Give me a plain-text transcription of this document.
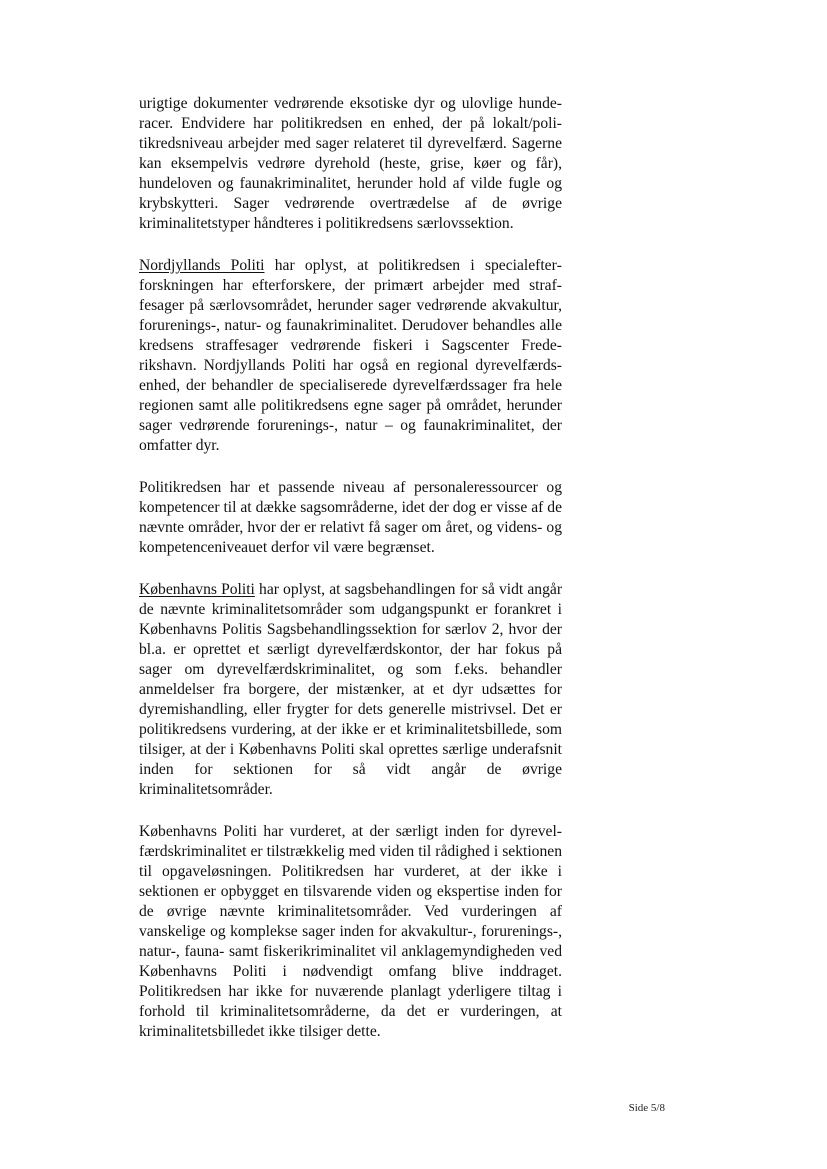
urigtige dokumenter vedrørende eksotiske dyr og ulovlige hunderacer. Endvidere har politikredsen en enhed, der på lokalt/politikredsniveau arbejder med sager relateret til dyrevelfærd. Sagerne kan eksempelvis vedrøre dyrehold (heste, grise, køer og får), hundeloven og faunakriminalitet, herunder hold af vilde fugle og krybskytteri. Sager vedrørende overtrædelse af de øvrige kriminalitetstyper håndteres i politikredsens særlovssektion.

Nordjyllands Politi har oplyst, at politikredsen i specialefterforskningen har efterforskere, der primært arbejder med straffesager på særlovsområdet, herunder sager vedrørende akvakultur, forurenings-, natur- og faunakriminalitet. Derudover behandles alle kredsens straffesager vedrørende fiskeri i Sagscenter Frederikshavn. Nordjyllands Politi har også en regional dyrevelfærdsenhed, der behandler de specialiserede dyrevelfærdssager fra hele regionen samt alle politikredsens egne sager på området, herunder sager vedrørende forurenings-, natur – og faunakriminalitet, der omfatter dyr.

Politikredsen har et passende niveau af personaleressourcer og kompetencer til at dække sagsområderne, idet der dog er visse af de nævnte områder, hvor der er relativt få sager om året, og videns- og kompetenceniveauet derfor vil være begrænset.

Københavns Politi har oplyst, at sagsbehandlingen for så vidt angår de nævnte kriminalitetsområder som udgangspunkt er forankret i Københavns Politis Sagsbehandlingssektion for særlov 2, hvor der bl.a. er oprettet et særligt dyrevelfærdskontor, der har fokus på sager om dyrevelfærdskriminalitet, og som f.eks. behandler anmeldelser fra borgere, der mistænker, at et dyr udsættes for dyremishandling, eller frygter for dets generelle mistrivsel. Det er politikredsens vurdering, at der ikke er et kriminalitetsbillede, som tilsiger, at der i Københavns Politi skal oprettes særlige underafsnit inden for sektionen for så vidt angår de øvrige kriminalitetsområder.

Københavns Politi har vurderet, at der særligt inden for dyrevelfærdskriminalitet er tilstrækkelig med viden til rådighed i sektionen til opgaveløsningen. Politikredsen har vurderet, at der ikke i sektionen er opbygget en tilsvarende viden og ekspertise inden for de øvrige nævnte kriminalitetsområder. Ved vurderingen af vanskelige og komplekse sager inden for akvakultur-, forurenings-, natur-, fauna- samt fiskerikriminalitet vil anklagemyndigheden ved Københavns Politi i nødvendigt omfang blive inddraget. Politikredsen har ikke for nuværende planlagt yderligere tiltag i forhold til kriminalitetsområderne, da det er vurderingen, at kriminalitetsbilledet ikke tilsiger dette.

Side 5/8
